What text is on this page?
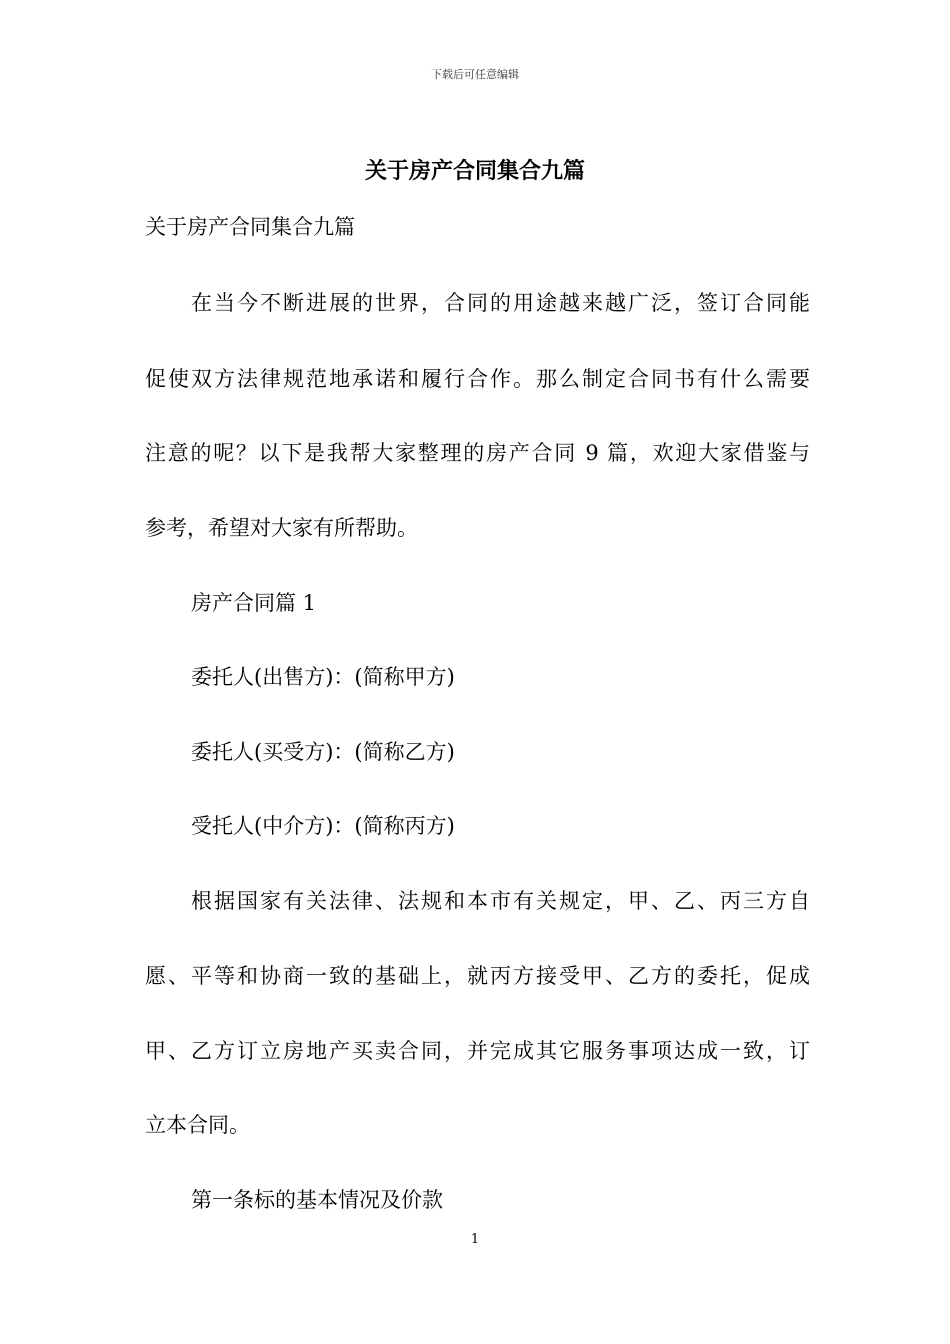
下载后可任意编辑
关于房产合同集合九篇
关于房产合同集合九篇
在当今不断进展的世界，合同的用途越来越广泛，签订合同能
促使双方法律规范地承诺和履行合作。那么制定合同书有什么需要
注意的呢？以下是我帮大家整理的房产合同 9 篇，欢迎大家借鉴与
参考，希望对大家有所帮助。
房产合同篇 1
委托人(出售方)：(简称甲方)
委托人(买受方)：(简称乙方)
受托人(中介方)：(简称丙方)
根据国家有关法律、法规和本市有关规定，甲、乙、丙三方自
愿、平等和协商一致的基础上，就丙方接受甲、乙方的委托，促成
甲、乙方订立房地产买卖合同，并完成其它服务事项达成一致，订
立本合同。
第一条标的基本情况及价款
1
